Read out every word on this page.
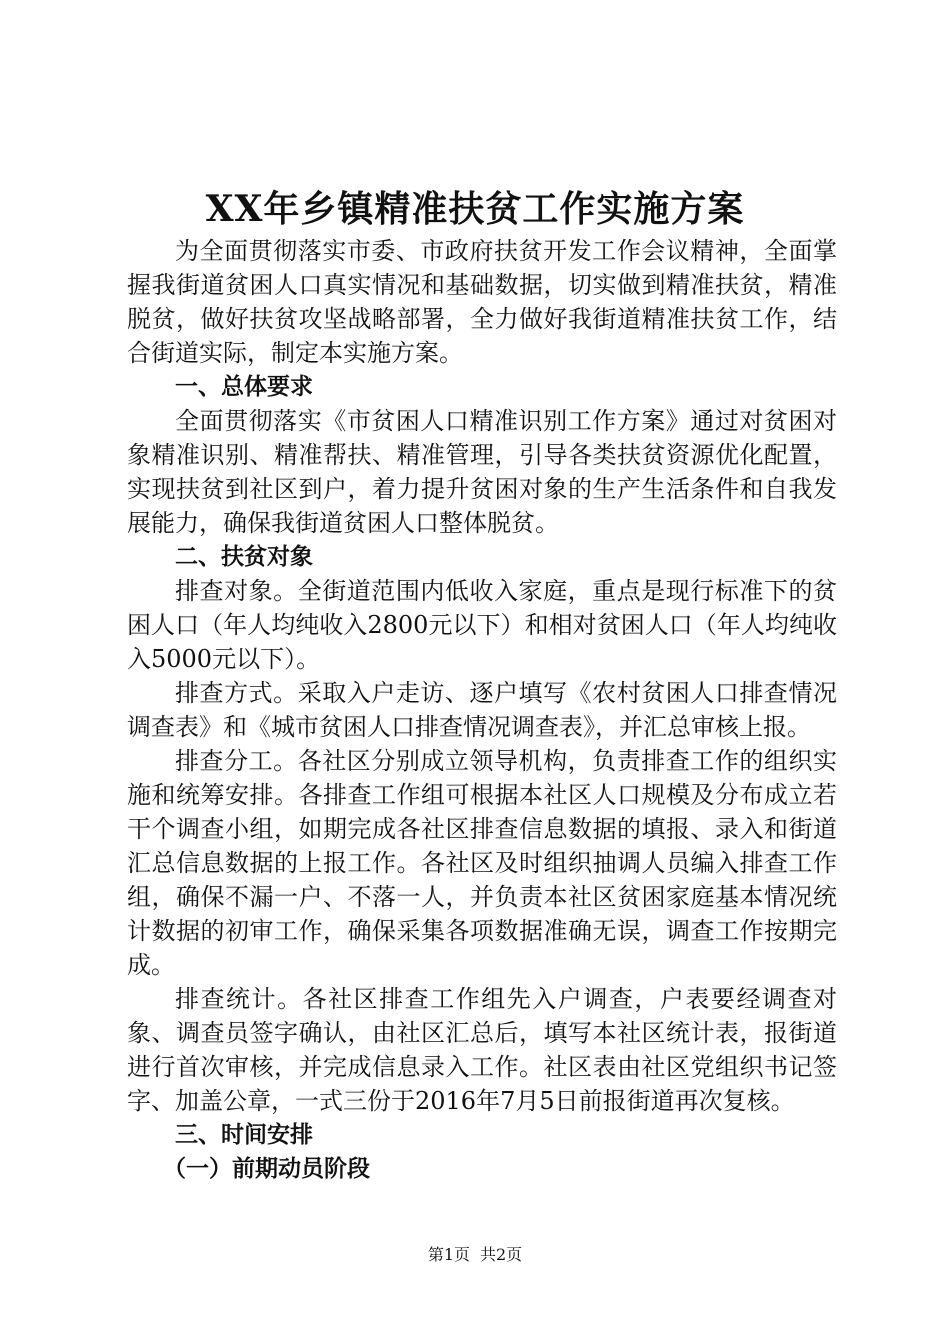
XX年乡镇精准扶贫工作实施方案

为全面贯彻落实市委、市政府扶贫开发工作会议精神，全面掌握我街道贫困人口真实情况和基础数据，切实做到精准扶贫，精准脱贫，做好扶贫攻坚战略部署，全力做好我街道精准扶贫工作，结合街道实际，制定本实施方案。

一、总体要求

全面贯彻落实《市贫困人口精准识别工作方案》通过对贫困对象精准识别、精准帮扶、精准管理，引导各类扶贫资源优化配置，实现扶贫到社区到户，着力提升贫困对象的生产生活条件和自我发展能力，确保我街道贫困人口整体脱贫。

二、扶贫对象

排查对象。全街道范围内低收入家庭，重点是现行标准下的贫困人口（年人均纯收入2800元以下）和相对贫困人口（年人均纯收入5000元以下）。

排查方式。采取入户走访、逐户填写《农村贫困人口排查情况调查表》和《城市贫困人口排查情况调查表》，并汇总审核上报。

排查分工。各社区分别成立领导机构，负责排查工作的组织实施和统筹安排。各排查工作组可根据本社区人口规模及分布成立若干个调查小组，如期完成各社区排查信息数据的填报、录入和街道汇总信息数据的上报工作。各社区及时组织抽调人员编入排查工作组，确保不漏一户、不落一人，并负责本社区贫困家庭基本情况统计数据的初审工作，确保采集各项数据准确无误，调查工作按期完成。

排查统计。各社区排查工作组先入户调查，户表要经调查对象、调查员签字确认，由社区汇总后，填写本社区统计表，报街道进行首次审核，并完成信息录入工作。社区表由社区党组织书记签字、加盖公章，一式三份于2016年7月5日前报街道再次复核。

三、时间安排

（一）前期动员阶段

第1页 共2页
